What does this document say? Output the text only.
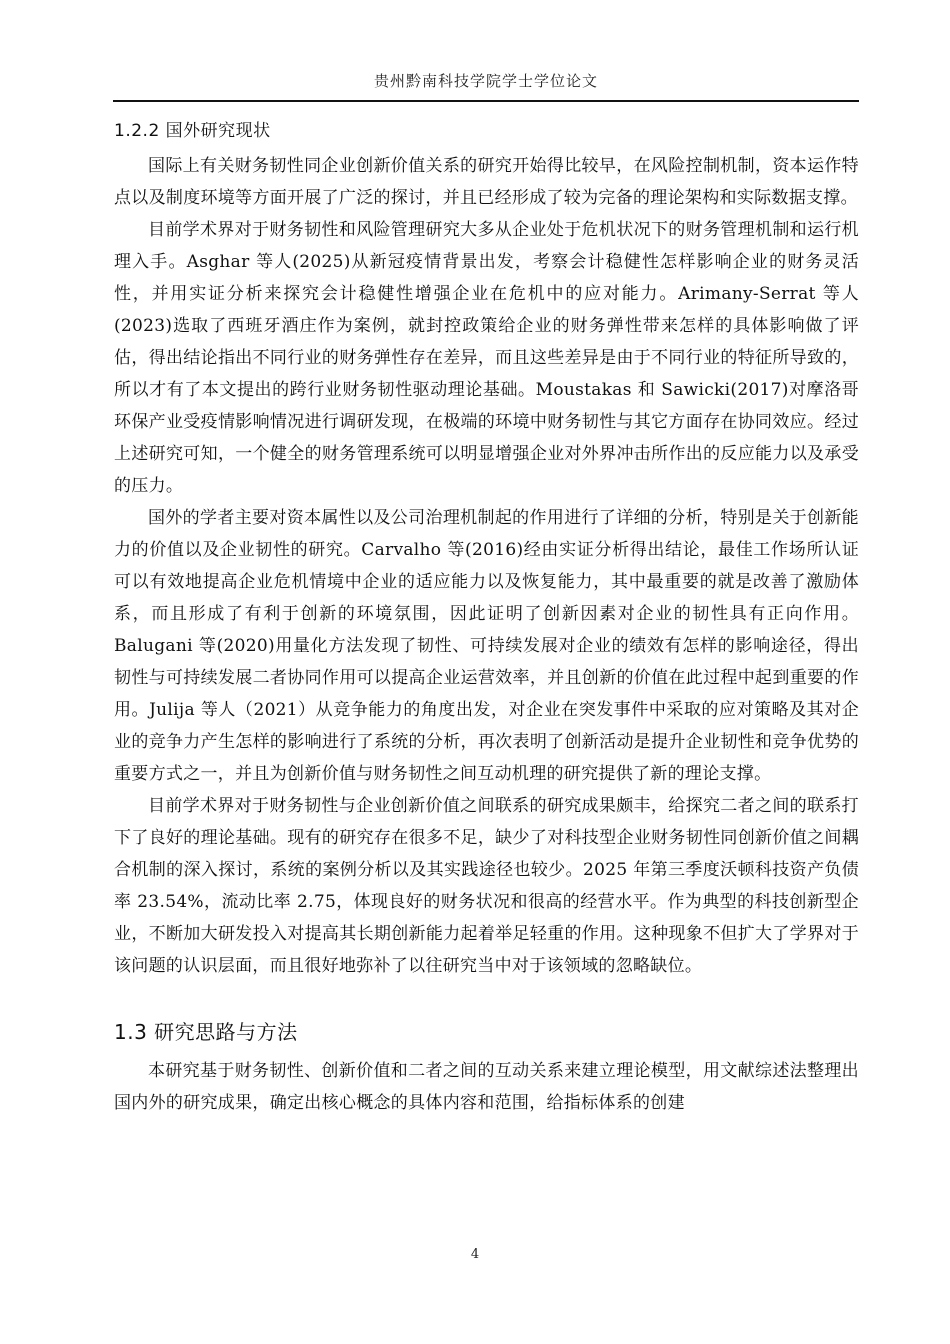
贵州黔南科技学院学士学位论文
1.2.2 国外研究现状

国际上有关财务韧性同企业创新价值关系的研究开始得比较早，在风险控制机制，资本运作特点以及制度环境等方面开展了广泛的探讨，并且已经形成了较为完备的理论架构和实际数据支撑。

目前学术界对于财务韧性和风险管理研究大多从企业处于危机状况下的财务管理机制和运行机理入手。Asghar 等人(2025)从新冠疫情背景出发，考察会计稳健性怎样影响企业的财务灵活性，并用实证分析来探究会计稳健性增强企业在危机中的应对能力。Arimany-Serrat 等人(2023)选取了西班牙酒庄作为案例，就封控政策给企业的财务弹性带来怎样的具体影响做了评估，得出结论指出不同行业的财务弹性存在差异，而且这些差异是由于不同行业的特征所导致的，所以才有了本文提出的跨行业财务韧性驱动理论基础。Moustakas 和 Sawicki(2017)对摩洛哥环保产业受疫情影响情况进行调研发现，在极端的环境中财务韧性与其它方面存在协同效应。经过上述研究可知，一个健全的财务管理系统可以明显增强企业对外界冲击所作出的反应能力以及承受的压力。

国外的学者主要对资本属性以及公司治理机制起的作用进行了详细的分析，特别是关于创新能力的价值以及企业韧性的研究。Carvalho 等(2016)经由实证分析得出结论，最佳工作场所认证可以有效地提高企业危机情境中企业的适应能力以及恢复能力，其中最重要的就是改善了激励体系，而且形成了有利于创新的环境氛围，因此证明了创新因素对企业的韧性具有正向作用。Balugani 等(2020)用量化方法发现了韧性、可持续发展对企业的绩效有怎样的影响途径，得出韧性与可持续发展二者协同作用可以提高企业运营效率，并且创新的价值在此过程中起到重要的作用。Julija 等人（2021）从竞争能力的角度出发，对企业在突发事件中采取的应对策略及其对企业的竞争力产生怎样的影响进行了系统的分析，再次表明了创新活动是提升企业韧性和竞争优势的重要方式之一，并且为创新价值与财务韧性之间互动机理的研究提供了新的理论支撑。

目前学术界对于财务韧性与企业创新价值之间联系的研究成果颇丰，给探究二者之间的联系打下了良好的理论基础。现有的研究存在很多不足，缺少了对科技型企业财务韧性同创新价值之间耦合机制的深入探讨，系统的案例分析以及其实践途径也较少。2025 年第三季度沃顿科技资产负债率 23.54%，流动比率 2.75，体现良好的财务状况和很高的经营水平。作为典型的科技创新型企业，不断加大研发投入对提高其长期创新能力起着举足轻重的作用。这种现象不但扩大了学界对于该问题的认识层面，而且很好地弥补了以往研究当中对于该领域的忽略缺位。

1.3 研究思路与方法

本研究基于财务韧性、创新价值和二者之间的互动关系来建立理论模型，用文献综述法整理出国内外的研究成果，确定出核心概念的具体内容和范围，给指标体系的创建

4
